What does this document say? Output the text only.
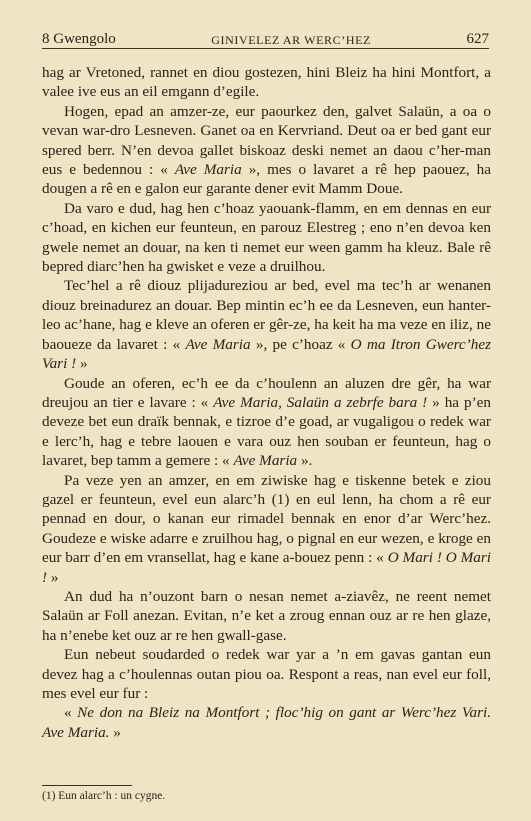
8 Gwengolo	GINIVELEZ AR WERC’HEZ	627

hag ar Vretoned, rannet en diou gostezen, hini Bleiz ha hini Montfort, a valee ive eus an eil emgann d’egile.

Hogen, epad an amzer-ze, eur paourkez den, galvet Salaün, a oa o vevan war-dro Lesneven. Ganet oa en Kervriand. Deut oa er bed gant eur spered berr. N’en devoa gallet biskoaz deski nemet an daou c’her-man eus e bedennou : « Ave Maria », mes o lavaret a rê hep paouez, ha dougen a rê en e galon eur garante dener evit Mamm Doue.

Da varo e dud, hag hen c’hoaz yaouank-flamm, en em dennas en eur c’hoad, en kichen eur feunteun, en parouz Elestreg ; eno n’en devoa ken gwele nemet an douar, na ken ti nemet eur ween gamm ha kleuz. Bale rê bepred diarc’hen ha gwisket e veze a druilhou.

Tec’hel a rê diouz plijadureziou ar bed, evel ma tec’h ar wenanen diouz breinadurez an douar. Bep mintin ec’h ee da Lesneven, eun hanter-leo ac’hane, hag e kleve an oferen er gêr-ze, ha keit ha ma veze en iliz, ne baoueze da lavaret : « Ave Maria », pe c’hoaz « O ma Itron Gwerc’hez Vari ! »

Goude an oferen, ec’h ee da c’houlenn an aluzen dre gêr, ha war dreujou an tier e lavare : « Ave Maria, Salaün a zebrfe bara ! » ha p’en deveze bet eun draïk bennak, e tizroe d’e goad, ar vugaligou o redek war e lerc’h, hag e tebre laouen e vara ouz hen souban er feunteun, hag o lavaret, bep tamm a gemere : « Ave Maria ».

Pa veze yen an amzer, en em ziwiske hag e tiskenne betek e ziou gazel er feunteun, evel eun alarc’h (1) en eul lenn, ha chom a rê eur pennad en dour, o kanan eur rimadel bennak en enor d’ar Werc’hez. Goudeze e wiske adarre e zruilhou hag, o pignal en eur wezen, e kroge en eur barr d’en em vransellat, hag e kane a-bouez penn : « O Mari ! O Mari ! »

An dud ha n’ouzont barn o nesan nemet a-ziavêz, ne reent nemet Salaün ar Foll anezan. Evitan, n’e ket a zroug ennan ouz ar re hen glaze, ha n’enebe ket ouz ar re hen gwall-gase.

Eun nebeut soudarded o redek war yar a ’n em gavas gantan eun devez hag a c’houlennas outan piou oa. Respont a reas, nan evel eur foll, mes evel eur fur :

« Ne don na Bleiz na Montfort ; floc’hig on gant ar Werc’hez Vari. Ave Maria. »

(1) Eun alarc’h : un cygne.
